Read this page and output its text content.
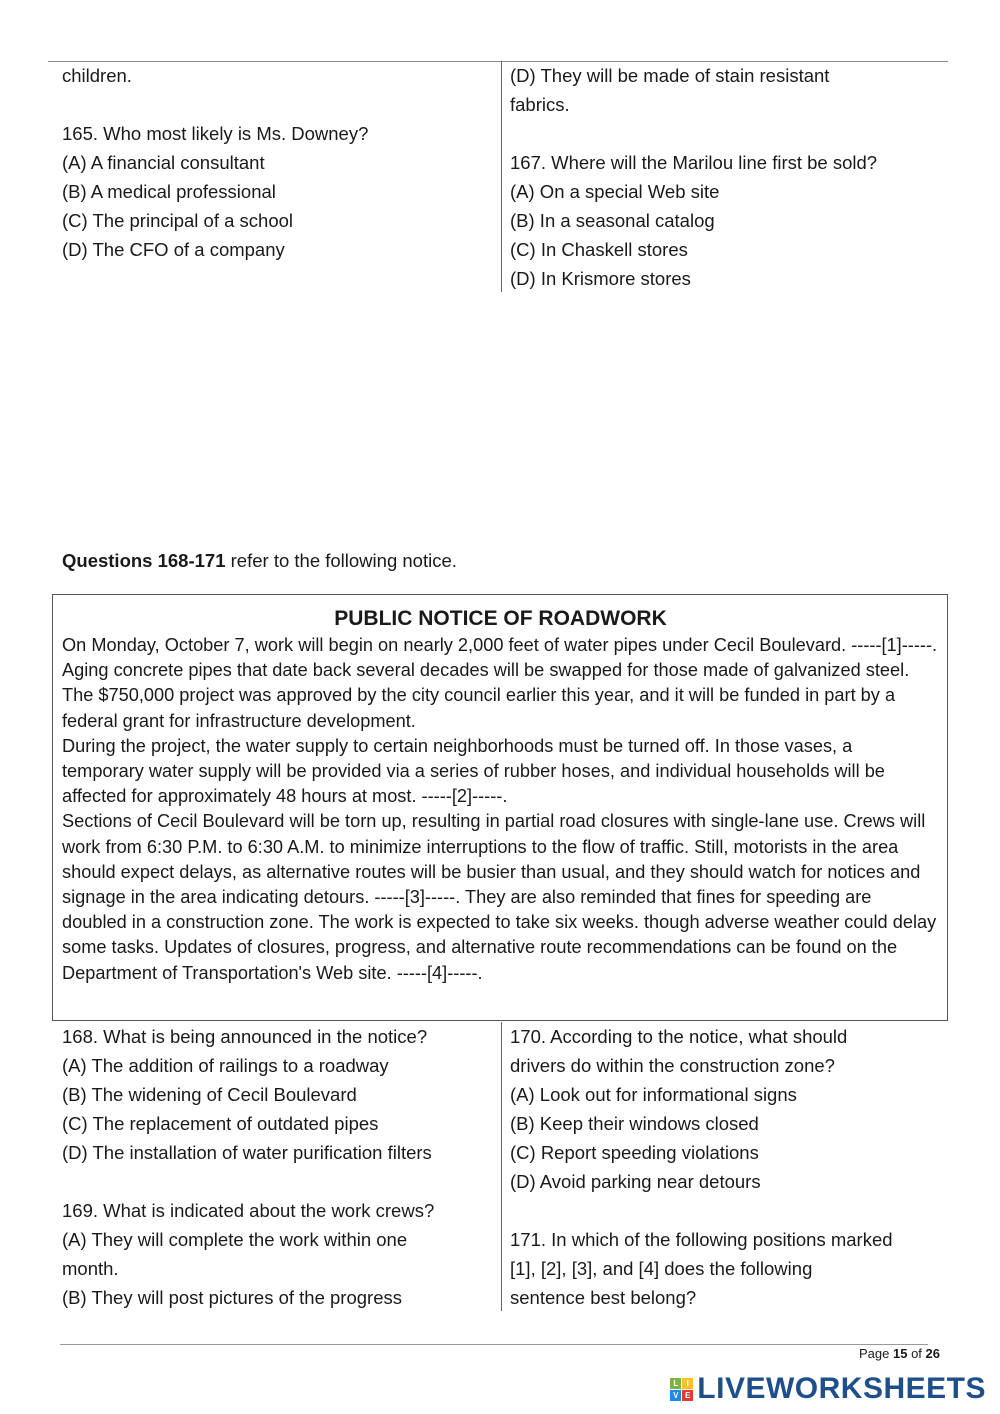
children.
165. Who most likely is Ms. Downey?
(A) A financial consultant
(B) A medical professional
(C) The principal of a school
(D) The CFO of a company
(D) They will be made of stain resistant
fabrics.
167. Where will the Marilou line first be sold?
(A) On a special Web site
(B) In a seasonal catalog
(C) In Chaskell stores
(D) In Krismore stores
Questions 168-171 refer to the following notice.
PUBLIC NOTICE OF ROADWORK

On Monday, October 7, work will begin on nearly 2,000 feet of water pipes under Cecil Boulevard. -----[1]-----. Aging concrete pipes that date back several decades will be swapped for those made of galvanized steel. The $750,000 project was approved by the city council earlier this year, and it will be funded in part by a federal grant for infrastructure development.

During the project, the water supply to certain neighborhoods must be turned off. In those vases, a temporary water supply will be provided via a series of rubber hoses, and individual households will be affected for approximately 48 hours at most. -----[2]-----.

Sections of Cecil Boulevard will be torn up, resulting in partial road closures with single-lane use. Crews will work from 6:30 P.M. to 6:30 A.M. to minimize interruptions to the flow of traffic. Still, motorists in the area should expect delays, as alternative routes will be busier than usual, and they should watch for notices and signage in the area indicating detours. -----[3]-----. They are also reminded that fines for speeding are doubled in a construction zone. The work is expected to take six weeks. though adverse weather could delay some tasks. Updates of closures, progress, and alternative route recommendations can be found on the Department of Transportation's Web site. -----[4]-----.

168. What is being announced in the notice?
(A) The addition of railings to a roadway
(B) The widening of Cecil Boulevard
(C) The replacement of outdated pipes
(D) The installation of water purification filters
169. What is indicated about the work crews?
(A) They will complete the work within one
month.
(B) They will post pictures of the progress
170. According to the notice, what should
drivers do within the construction zone?
(A) Look out for informational signs
(B) Keep their windows closed
(C) Report speeding violations
(D) Avoid parking near detours
171. In which of the following positions marked
[1], [2], [3], and [4] does the following
sentence best belong?
Page 15 of 26
L	I
V E LIVEWORKSHEETS
